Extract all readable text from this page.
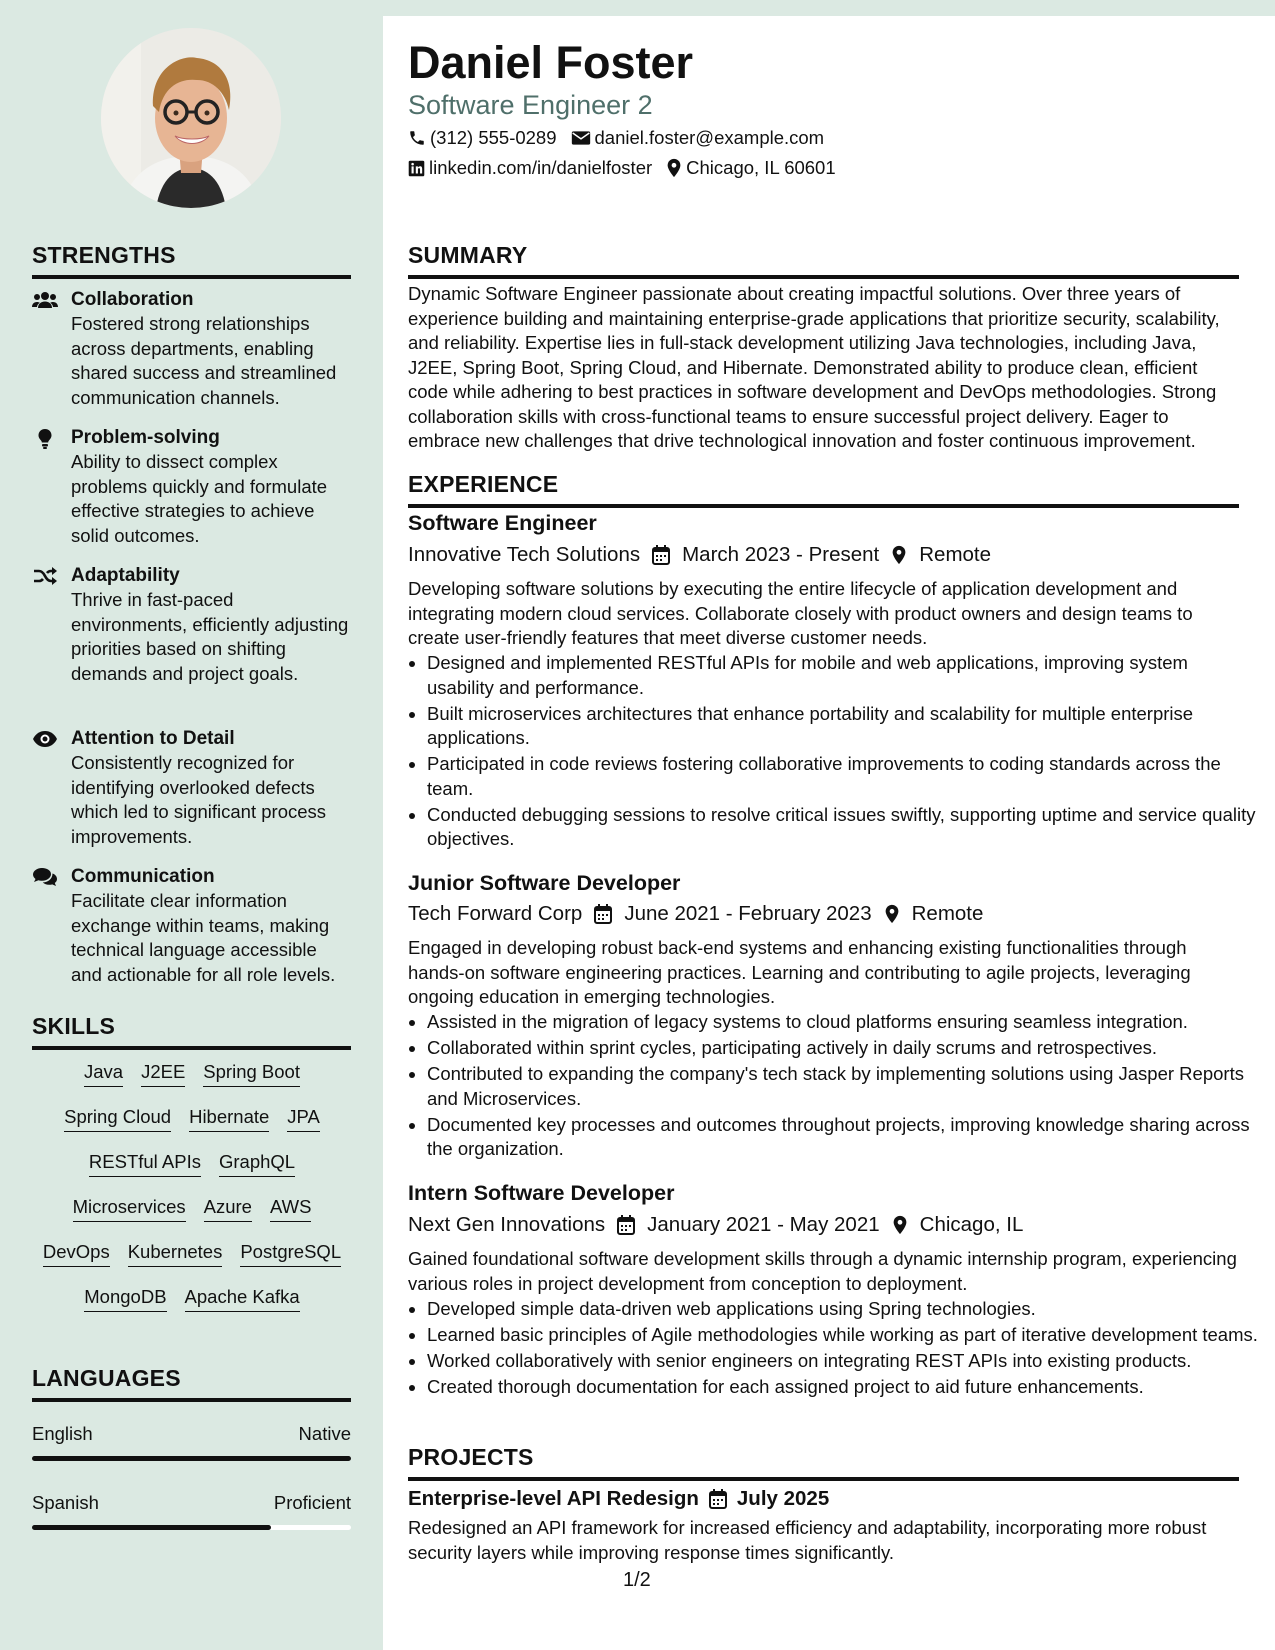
Daniel Foster
Software Engineer 2
(312) 555-0289 daniel.foster@example.com
linkedin.com/in/danielfoster Chicago, IL 60601
STRENGTHS
Collaboration
Fostered strong relationships across departments, enabling shared success and streamlined communication channels.
Problem-solving
Ability to dissect complex problems quickly and formulate effective strategies to achieve solid outcomes.
Adaptability
Thrive in fast-paced environments, efficiently adjusting priorities based on shifting demands and project goals.
Attention to Detail
Consistently recognized for identifying overlooked defects which led to significant process improvements.
Communication
Facilitate clear information exchange within teams, making technical language accessible and actionable for all role levels.
SKILLS
Java J2EE Spring Boot
Spring Cloud Hibernate JPA
RESTful APIs GraphQL
Microservices Azure AWS
DevOps Kubernetes PostgreSQL
MongoDB Apache Kafka
LANGUAGES
English	Native
Spanish	Proficient
SUMMARY
Dynamic Software Engineer passionate about creating impactful solutions. Over three years of experience building and maintaining enterprise-grade applications that prioritize security, scalability, and reliability. Expertise lies in full-stack development utilizing Java technologies, including Java, J2EE, Spring Boot, Spring Cloud, and Hibernate. Demonstrated ability to produce clean, efficient code while adhering to best practices in software development and DevOps methodologies. Strong collaboration skills with cross-functional teams to ensure successful project delivery. Eager to embrace new challenges that drive technological innovation and foster continuous improvement.
EXPERIENCE
Software Engineer
Innovative Tech Solutions March 2023 - Present Remote
Developing software solutions by executing the entire lifecycle of application development and integrating modern cloud services. Collaborate closely with product owners and design teams to create user-friendly features that meet diverse customer needs.
• Designed and implemented RESTful APIs for mobile and web applications, improving system usability and performance.
• Built microservices architectures that enhance portability and scalability for multiple enterprise applications.
• Participated in code reviews fostering collaborative improvements to coding standards across the team.
• Conducted debugging sessions to resolve critical issues swiftly, supporting uptime and service quality objectives.
Junior Software Developer
Tech Forward Corp June 2021 - February 2023 Remote
Engaged in developing robust back-end systems and enhancing existing functionalities through hands-on software engineering practices. Learning and contributing to agile projects, leveraging ongoing education in emerging technologies.
• Assisted in the migration of legacy systems to cloud platforms ensuring seamless integration.
• Collaborated within sprint cycles, participating actively in daily scrums and retrospectives.
• Contributed to expanding the company's tech stack by implementing solutions using Jasper Reports and Microservices.
• Documented key processes and outcomes throughout projects, improving knowledge sharing across the organization.
Intern Software Developer
Next Gen Innovations January 2021 - May 2021 Chicago, IL
Gained foundational software development skills through a dynamic internship program, experiencing various roles in project development from conception to deployment.
• Developed simple data-driven web applications using Spring technologies.
• Learned basic principles of Agile methodologies while working as part of iterative development teams.
• Worked collaboratively with senior engineers on integrating REST APIs into existing products.
• Created thorough documentation for each assigned project to aid future enhancements.
PROJECTS
Enterprise-level API Redesign July 2025
Redesigned an API framework for increased efficiency and adaptability, incorporating more robust security layers while improving response times significantly.
1/2
